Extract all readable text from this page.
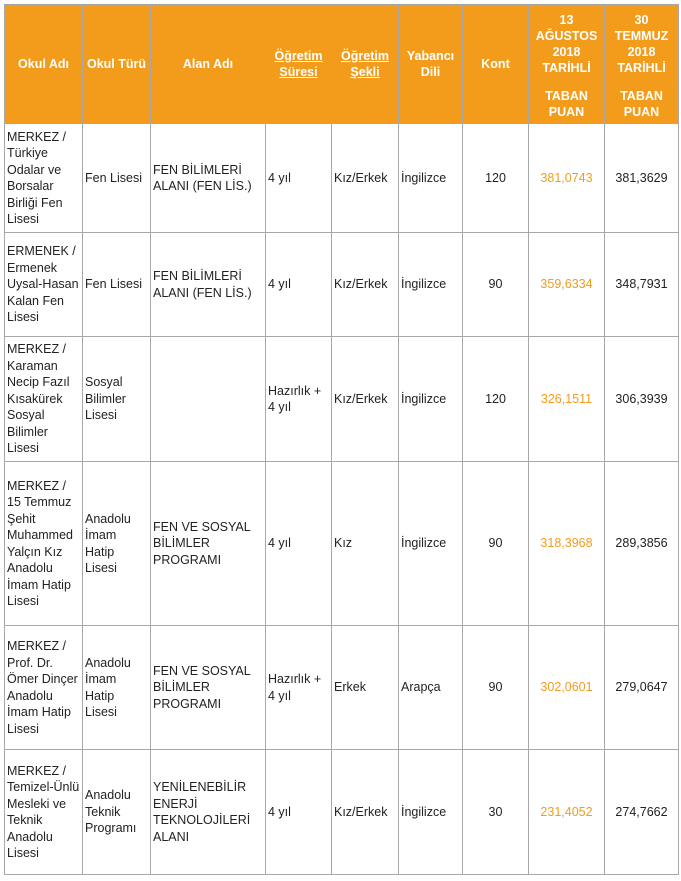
Okul Adı	Okul Türü	Alan Adı	Öğretim Süresi	Öğretim Şekli	Yabancı Dili	Kont	13 AĞUSTOS 2018 TARİHLİ	30 TEMMUZ 2018 TARİHLİ
							TABAN PUAN	TABAN PUAN
MERKEZ / Türkiye Odalar ve Borsalar Birliği Fen Lisesi	Fen Lisesi	FEN BİLİMLERİ ALANI (FEN LİS.)	4 yıl	Kız/Erkek	İngilizce	120	381,0743	381,3629
ERMENEK / Ermenek Uysal-Hasan Kalan Fen Lisesi	Fen Lisesi	FEN BİLİMLERİ ALANI (FEN LİS.)	4 yıl	Kız/Erkek	İngilizce	90	359,6334	348,7931
MERKEZ / Karaman Necip Fazıl Kısakürek Sosyal Bilimler Lisesi	Sosyal Bilimler Lisesi		Hazırlık + 4 yıl	Kız/Erkek	İngilizce	120	326,1511	306,3939
MERKEZ / 15 Temmuz Şehit Muhammed Yalçın Kız Anadolu İmam Hatip Lisesi	Anadolu İmam Hatip Lisesi	FEN VE SOSYAL BİLİMLER PROGRAMI	4 yıl	Kız	İngilizce	90	318,3968	289,3856
MERKEZ / Prof. Dr. Ömer Dinçer Anadolu İmam Hatip Lisesi	Anadolu İmam Hatip Lisesi	FEN VE SOSYAL BİLİMLER PROGRAMI	Hazırlık + 4 yıl	Erkek	Arapça	90	302,0601	279,0647
MERKEZ / Temizel-Ünlü Mesleki ve Teknik Anadolu Lisesi	Anadolu Teknik Programı	YENİLENEBİLİR ENERJİ TEKNOLOJİLERİ ALANI	4 yıl	Kız/Erkek	İngilizce	30	231,4052	274,7662
